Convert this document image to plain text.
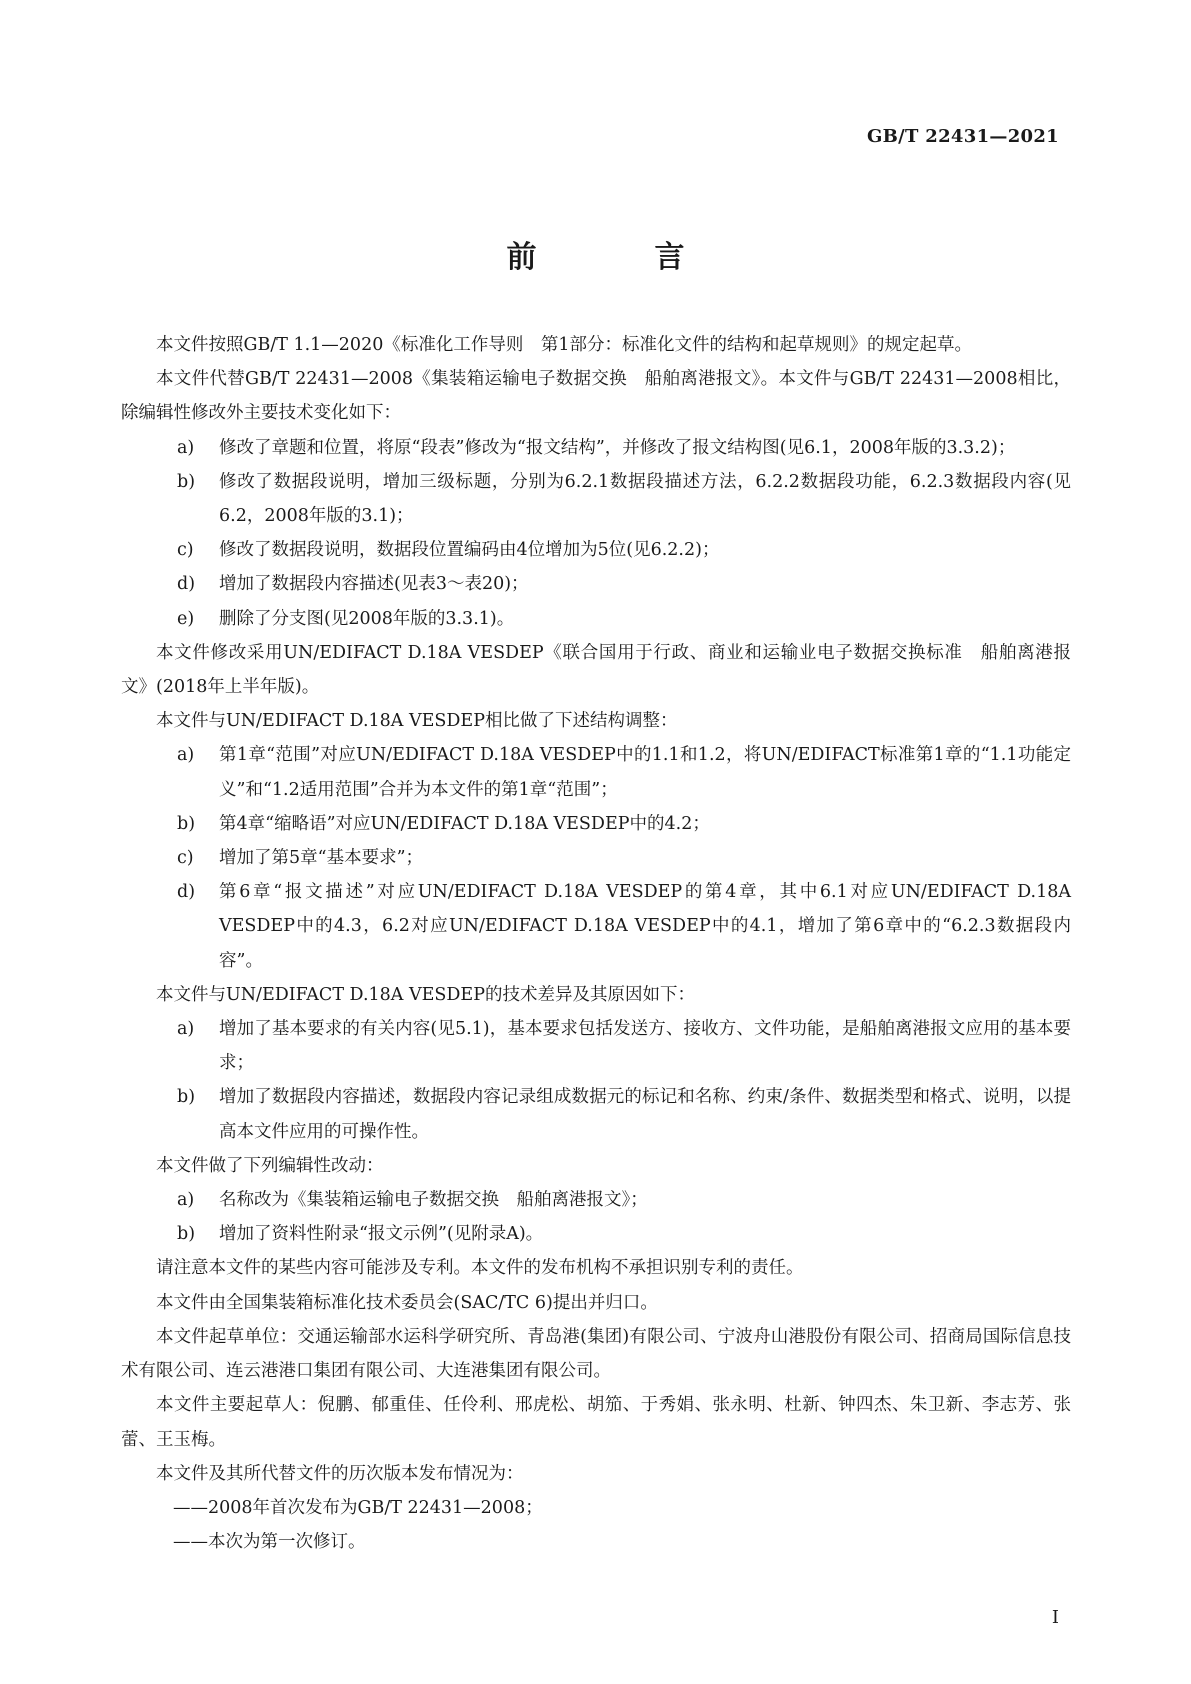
GB/T 22431—2021
前　言

本文件按照GB/T 1.1—2020《标准化工作导则　第1部分：标准化文件的结构和起草规则》的规定起草。

本文件代替GB/T 22431—2008《集装箱运输电子数据交换　船舶离港报文》。本文件与GB/T 22431—2008相比，除编辑性修改外主要技术变化如下：

a)	修改了章题和位置，将原“段表”修改为“报文结构”，并修改了报文结构图(见6.1，2008年版的3.3.2)；
b)	修改了数据段说明，增加三级标题，分别为6.2.1数据段描述方法，6.2.2数据段功能，6.2.3数据段内容(见6.2，2008年版的3.1)；
c)	修改了数据段说明，数据段位置编码由4位增加为5位(见6.2.2)；
d)	增加了数据段内容描述(见表3～表20)；
e)	删除了分支图(见2008年版的3.3.1)。

本文件修改采用UN/EDIFACT D.18A VESDEP《联合国用于行政、商业和运输业电子数据交换标准　船舶离港报文》(2018年上半年版)。

本文件与UN/EDIFACT D.18A VESDEP相比做了下述结构调整：

a)	第1章“范围”对应UN/EDIFACT D.18A VESDEP中的1.1和1.2，将UN/EDIFACT标准第1章的“1.1功能定义”和“1.2适用范围”合并为本文件的第1章“范围”；
b)	第4章“缩略语”对应UN/EDIFACT D.18A VESDEP中的4.2；
c)	增加了第5章“基本要求”；
d)	第6章“报文描述”对应UN/EDIFACT D.18A VESDEP的第4章，其中6.1对应UN/EDIFACT D.18A VESDEP中的4.3，6.2对应UN/EDIFACT D.18A VESDEP中的4.1，增加了第6章中的“6.2.3数据段内容”。

本文件与UN/EDIFACT D.18A VESDEP的技术差异及其原因如下：

a)	增加了基本要求的有关内容(见5.1)，基本要求包括发送方、接收方、文件功能，是船舶离港报文应用的基本要求；
b)	增加了数据段内容描述，数据段内容记录组成数据元的标记和名称、约束/条件、数据类型和格式、说明，以提高本文件应用的可操作性。

本文件做了下列编辑性改动：

a)	名称改为《集装箱运输电子数据交换　船舶离港报文》；
b)	增加了资料性附录“报文示例”(见附录A)。

请注意本文件的某些内容可能涉及专利。本文件的发布机构不承担识别专利的责任。

本文件由全国集装箱标准化技术委员会(SAC/TC 6)提出并归口。

本文件起草单位：交通运输部水运科学研究所、青岛港(集团)有限公司、宁波舟山港股份有限公司、招商局国际信息技术有限公司、连云港港口集团有限公司、大连港集团有限公司。

本文件主要起草人：倪鹏、郁重佳、任伶利、邢虎松、胡笳、于秀娟、张永明、杜新、钟四杰、朱卫新、李志芳、张蕾、王玉梅。

本文件及其所代替文件的历次版本发布情况为：

——2008年首次发布为GB/T 22431—2008；

——本次为第一次修订。

I
